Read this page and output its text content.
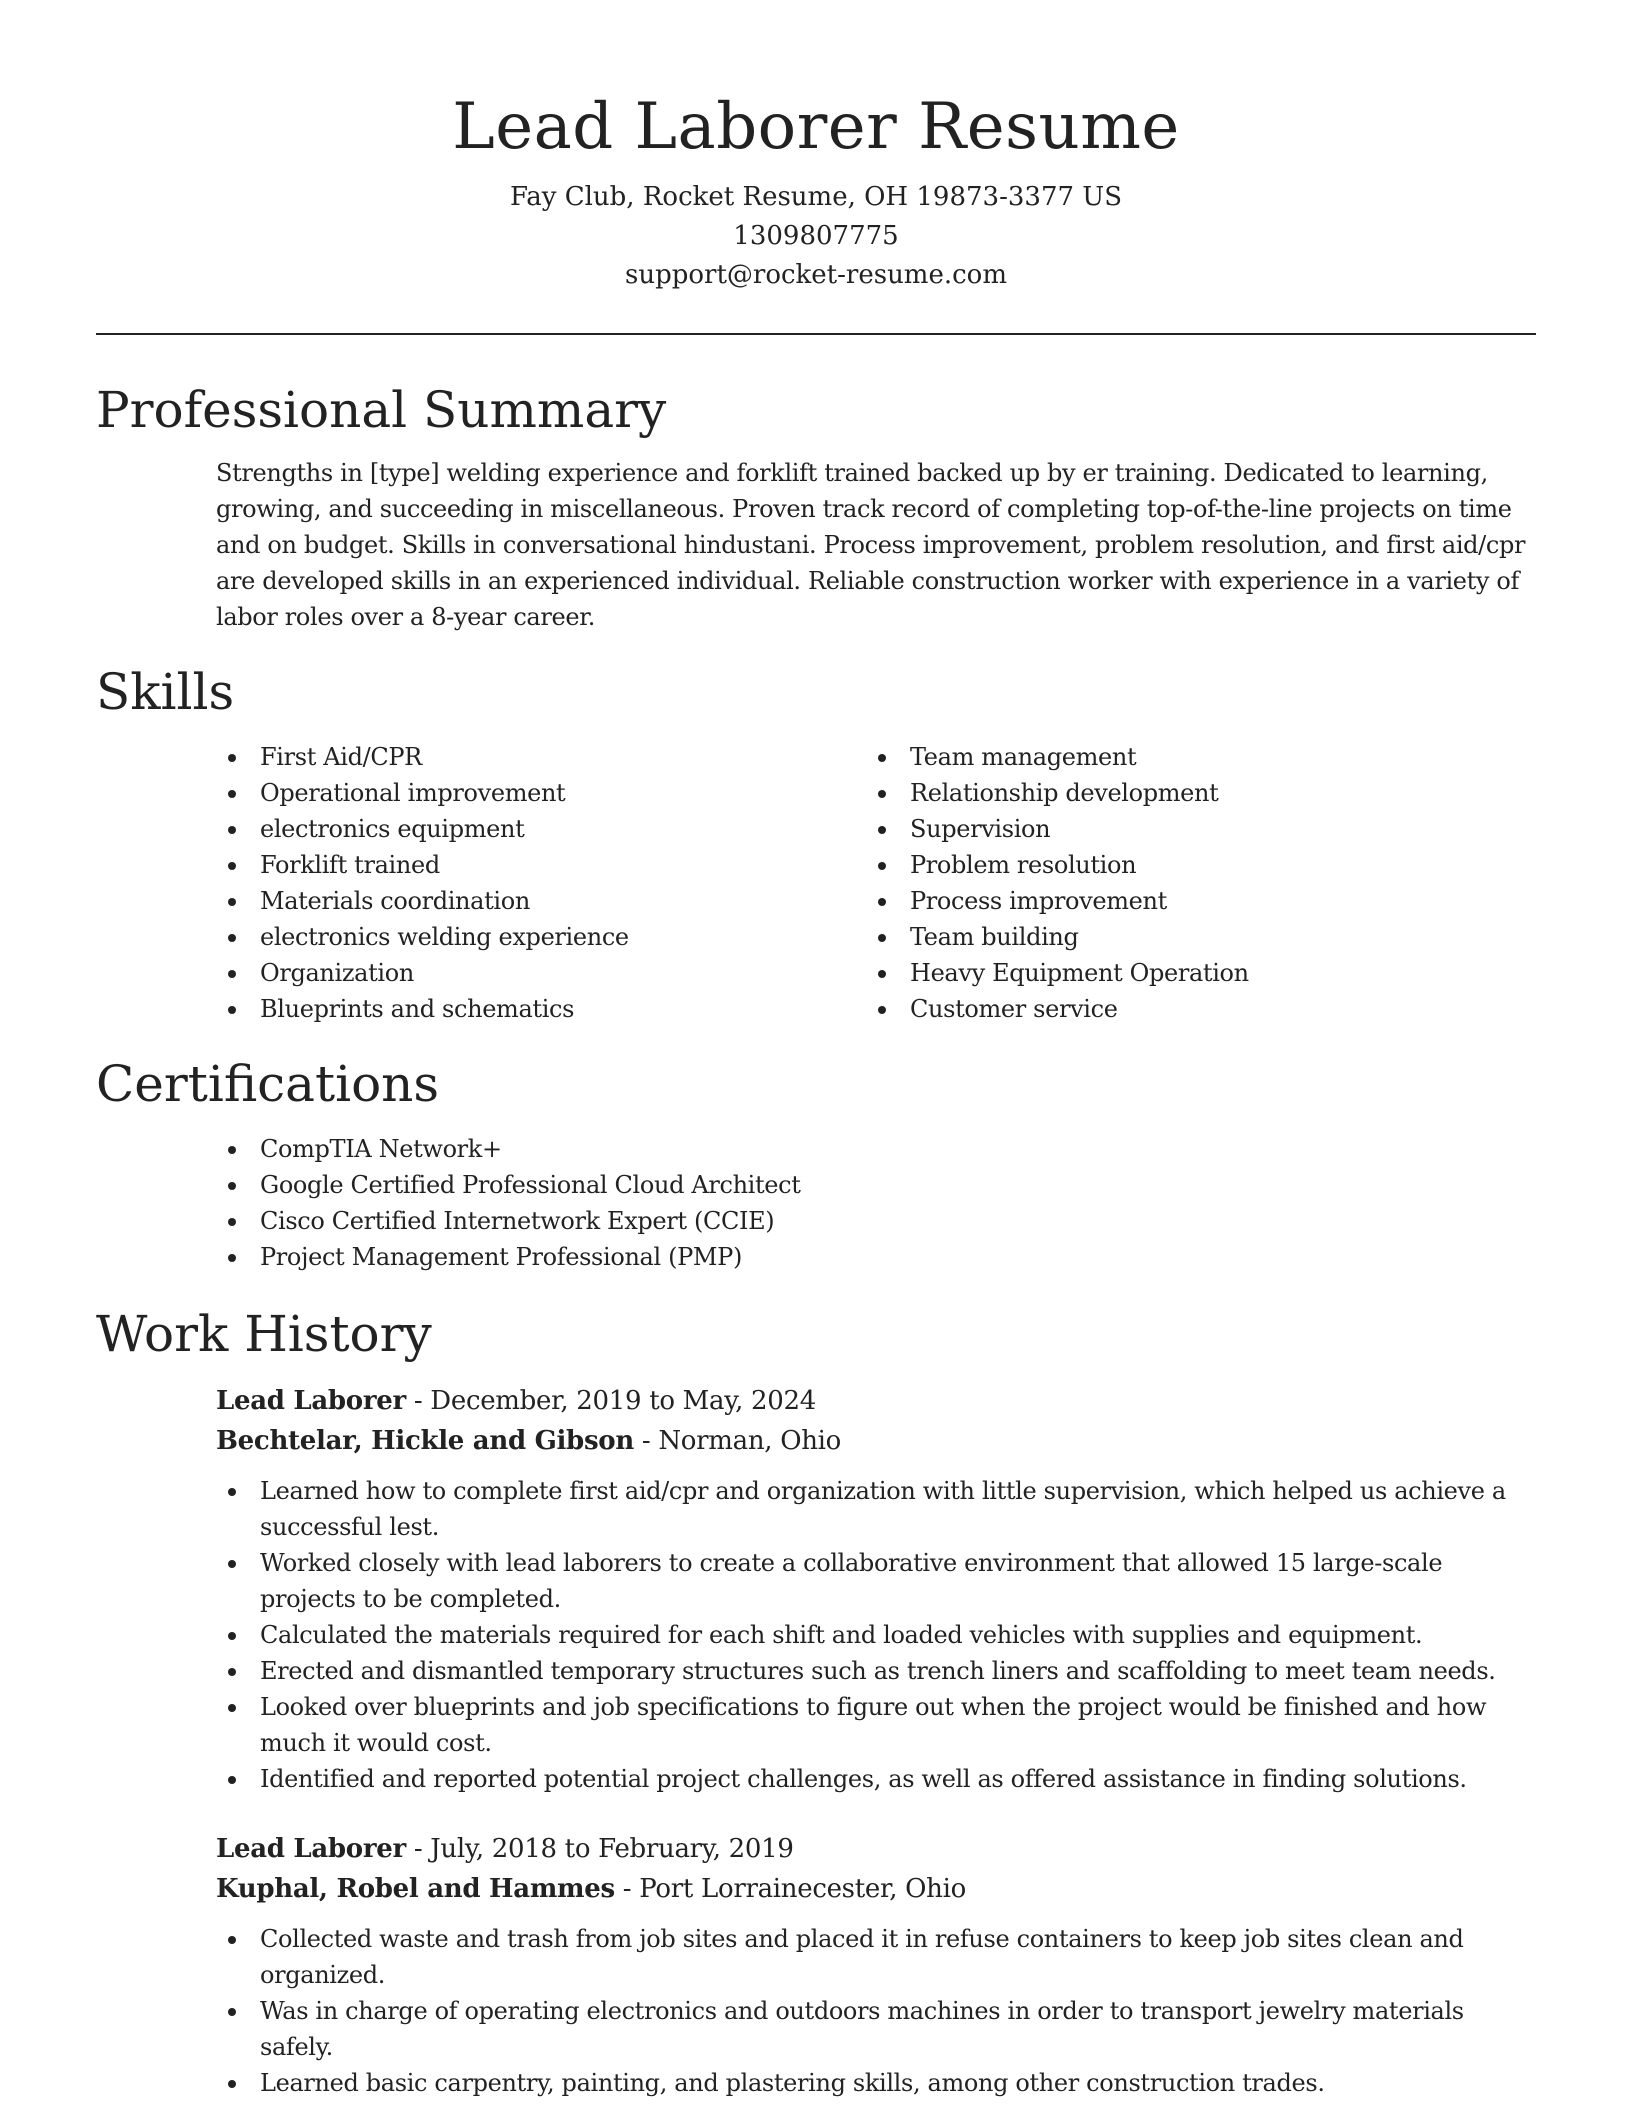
Lead Laborer Resume

Fay Club, Rocket Resume, OH 19873-3377 US

1309807775

support@rocket-resume.com

Professional Summary

Strengths in [type] welding experience and forklift trained backed up by er training. Dedicated to learning, growing, and succeeding in miscellaneous. Proven track record of completing top-of-the-line projects on time and on budget. Skills in conversational hindustani. Process improvement, problem resolution, and first aid/cpr are developed skills in an experienced individual. Reliable construction worker with experience in a variety of labor roles over a 8-year career.

Skills
First Aid/CPR
Operational improvement
electronics equipment
Forklift trained
Materials coordination
electronics welding experience
Organization
Blueprints and schematics
Team management
Relationship development
Supervision
Problem resolution
Process improvement
Team building
Heavy Equipment Operation
Customer service
Certifications
CompTIA Network+
Google Certified Professional Cloud Architect
Cisco Certified Internetwork Expert (CCIE)
Project Management Professional (PMP)
Work History

Lead Laborer - December, 2019 to May, 2024

Bechtelar, Hickle and Gibson - Norman, Ohio

Learned how to complete first aid/cpr and organization with little supervision, which helped us achieve a successful lest.
Worked closely with lead laborers to create a collaborative environment that allowed 15 large-scale projects to be completed.
Calculated the materials required for each shift and loaded vehicles with supplies and equipment.
Erected and dismantled temporary structures such as trench liners and scaffolding to meet team needs.
Looked over blueprints and job specifications to figure out when the project would be finished and how much it would cost.
Identified and reported potential project challenges, as well as offered assistance in finding solutions.

Lead Laborer - July, 2018 to February, 2019

Kuphal, Robel and Hammes - Port Lorrainecester, Ohio

Collected waste and trash from job sites and placed it in refuse containers to keep job sites clean and organized.
Was in charge of operating electronics and outdoors machines in order to transport jewelry materials safely.
Learned basic carpentry, painting, and plastering skills, among other construction trades.
